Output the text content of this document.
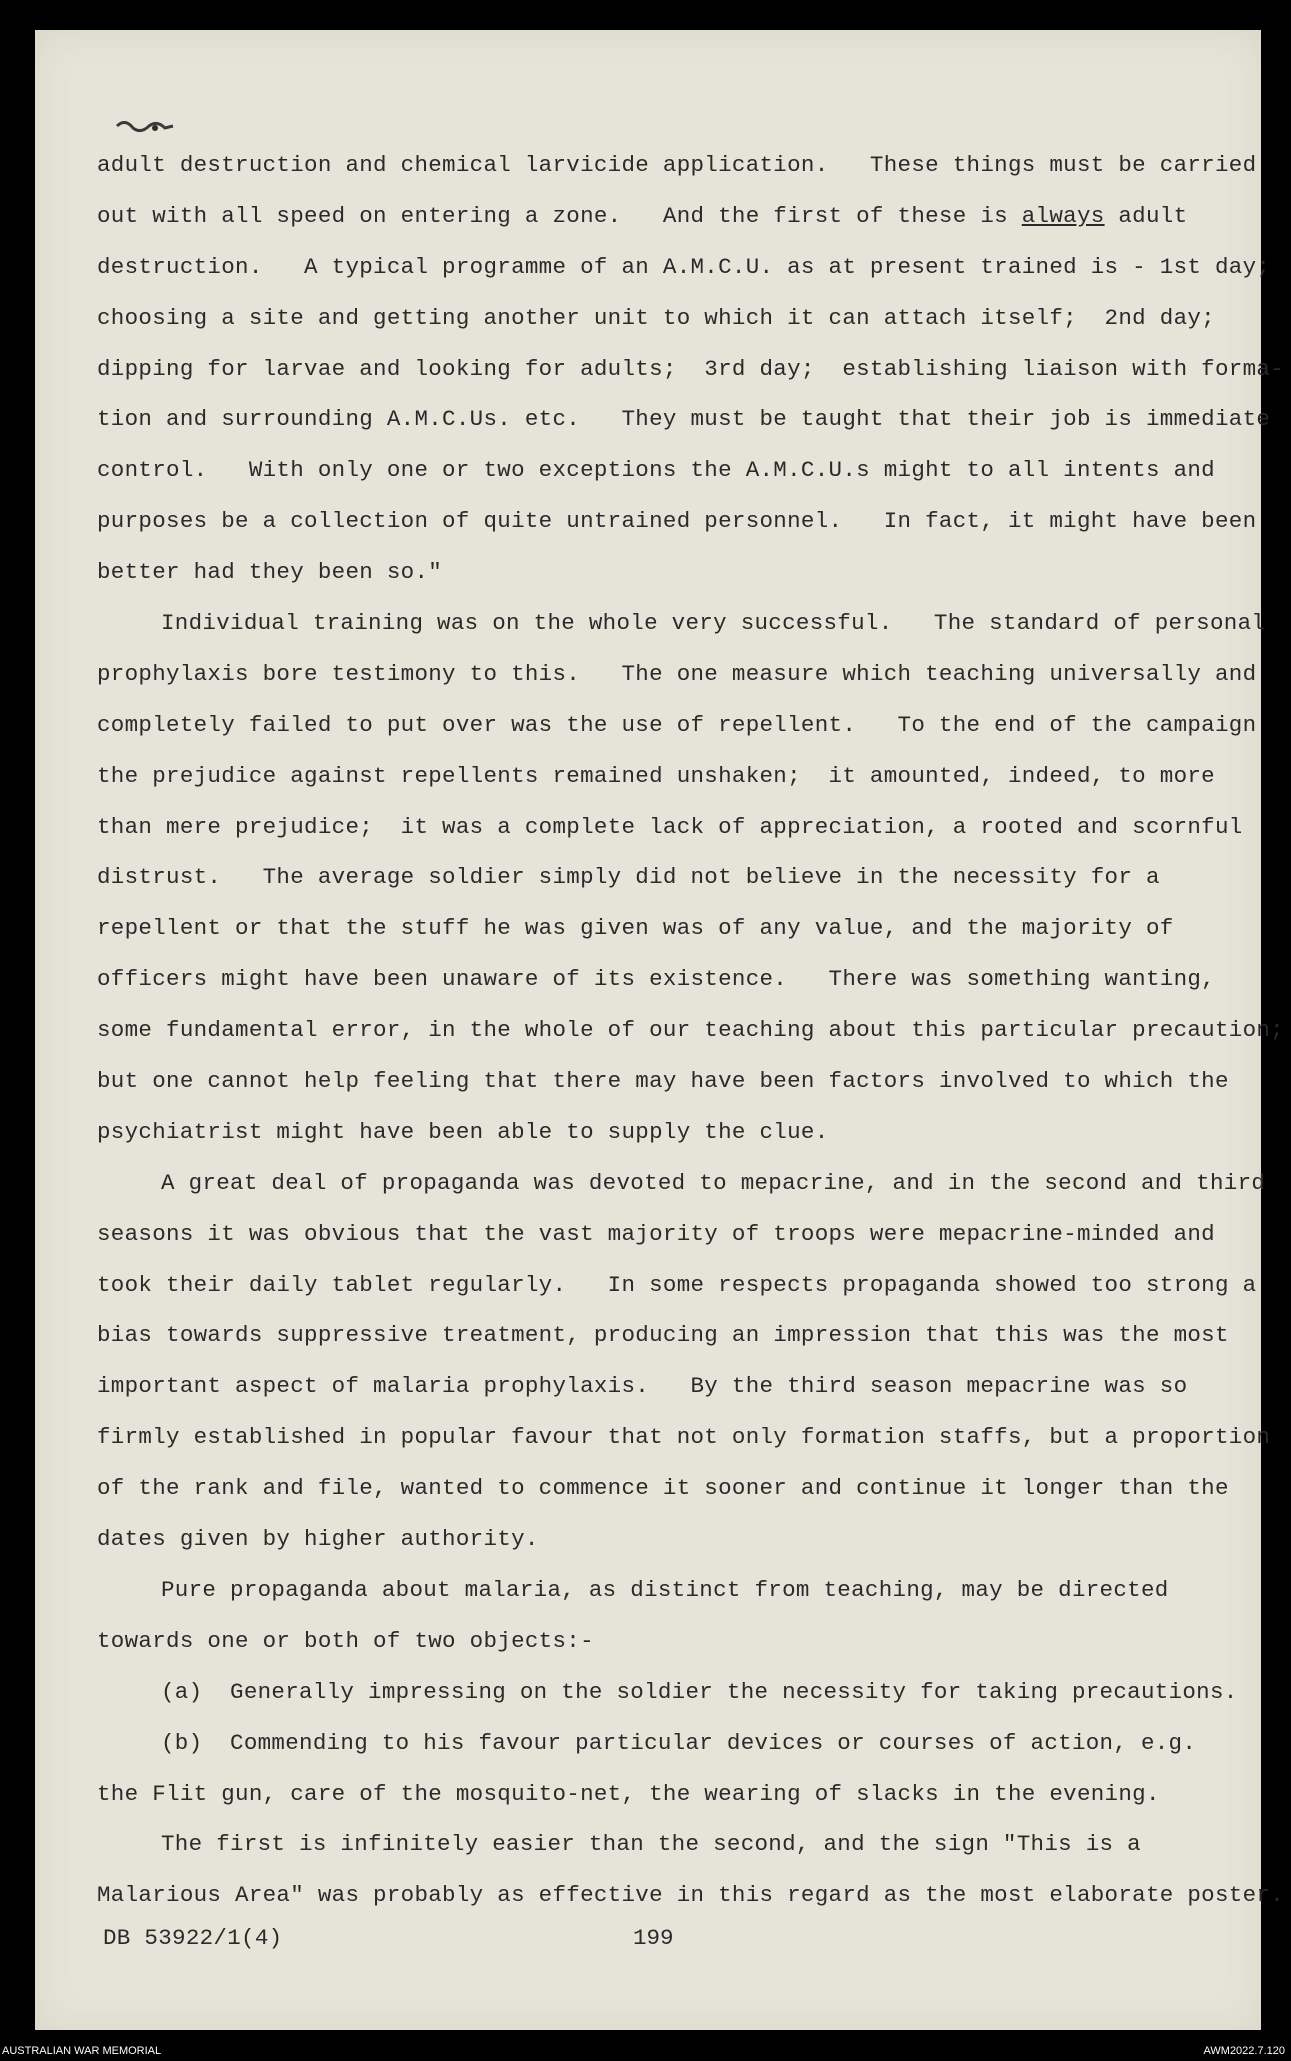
adult destruction and chemical larvicide application.   These things must be carried
out with all speed on entering a zone.   And the first of these is always adult
destruction.   A typical programme of an A.M.C.U. as at present trained is - 1st day;
choosing a site and getting another unit to which it can attach itself;  2nd day;
dipping for larvae and looking for adults;  3rd day;  establishing liaison with forma-
tion and surrounding A.M.C.Us. etc.   They must be taught that their job is immediate
control.   With only one or two exceptions the A.M.C.U.s might to all intents and
purposes be a collection of quite untrained personnel.   In fact, it might have been
better had they been so."
Individual training was on the whole very successful.   The standard of personal
prophylaxis bore testimony to this.   The one measure which teaching universally and
completely failed to put over was the use of repellent.   To the end of the campaign
the prejudice against repellents remained unshaken;  it amounted, indeed, to more
than mere prejudice;  it was a complete lack of appreciation, a rooted and scornful
distrust.   The average soldier simply did not believe in the necessity for a
repellent or that the stuff he was given was of any value, and the majority of
officers might have been unaware of its existence.   There was something wanting,
some fundamental error, in the whole of our teaching about this particular precaution;
but one cannot help feeling that there may have been factors involved to which the
psychiatrist might have been able to supply the clue.
A great deal of propaganda was devoted to mepacrine, and in the second and third
seasons it was obvious that the vast majority of troops were mepacrine-minded and
took their daily tablet regularly.   In some respects propaganda showed too strong a
bias towards suppressive treatment, producing an impression that this was the most
important aspect of malaria prophylaxis.   By the third season mepacrine was so
firmly established in popular favour that not only formation staffs, but a proportion
of the rank and file, wanted to commence it sooner and continue it longer than the
dates given by higher authority.
Pure propaganda about malaria, as distinct from teaching, may be directed
towards one or both of two objects:-
(a)  Generally impressing on the soldier the necessity for taking precautions.
(b)  Commending to his favour particular devices or courses of action, e.g.
the Flit gun, care of the mosquito-net, the wearing of slacks in the evening.
The first is infinitely easier than the second, and the sign "This is a
Malarious Area" was probably as effective in this regard as the most elaborate poster.
DB 53922/1(4)	199
AUSTRALIAN WAR MEMORIAL	AWM2022.7.120
